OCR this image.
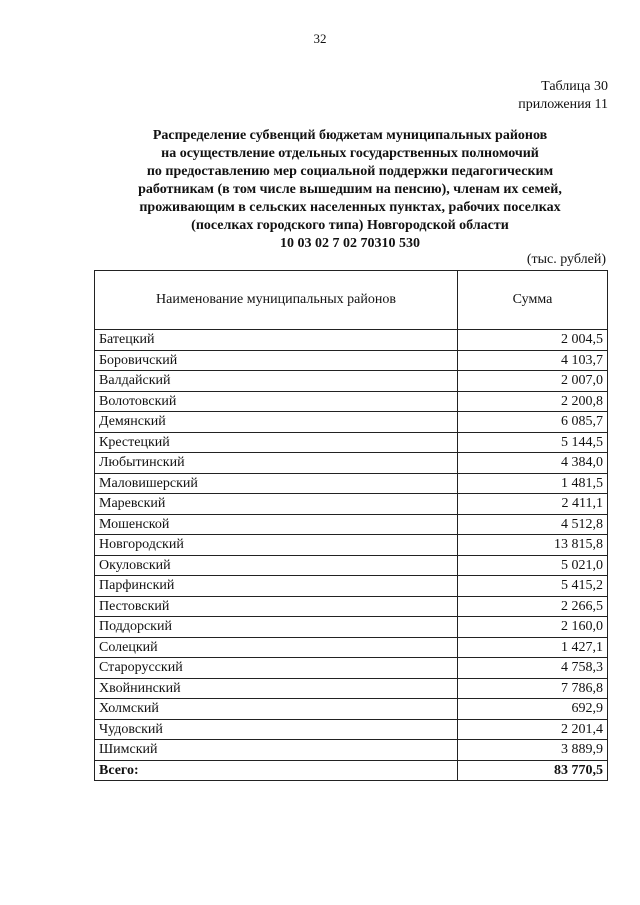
32
Таблица 30
приложения 11
Распределение субвенций бюджетам муниципальных районов
на осуществление отдельных государственных полномочий
по предоставлению мер социальной поддержки педагогическим
работникам (в том числе вышедшим на пенсию), членам их семей,
проживающим в сельских населенных пунктах, рабочих поселках
(поселках городского типа) Новгородской области
10 03 02 7 02 70310 530
(тыс. рублей)
Наименование муниципальных районов	Сумма
Батецкий	2 004,5
Боровичский	4 103,7
Валдайский	2 007,0
Волотовский	2 200,8
Демянский	6 085,7
Крестецкий	5 144,5
Любытинский	4 384,0
Маловишерский	1 481,5
Маревский	2 411,1
Мошенской	4 512,8
Новгородский	13 815,8
Окуловский	5 021,0
Парфинский	5 415,2
Пестовский	2 266,5
Поддорский	2 160,0
Солецкий	1 427,1
Старорусский	4 758,3
Хвойнинский	7 786,8
Холмский	692,9
Чудовский	2 201,4
Шимский	3 889,9
Всего:	83 770,5
